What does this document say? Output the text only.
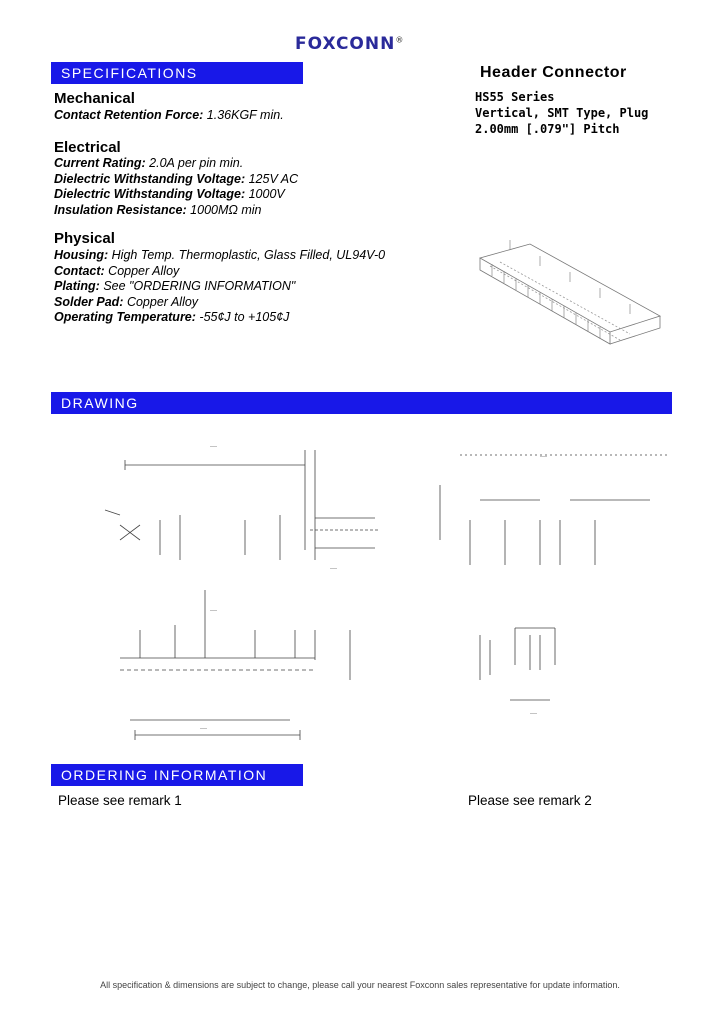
FOXCONN®
SPECIFICATIONS	Header Connector
HS55 Series
Vertical, SMT Type, Plug
2.00mm [.079"] Pitch
Mechanical
Contact Retention Force: 1.36KGF min.
Electrical
Current Rating: 2.0A per pin min.
Dielectric Withstanding Voltage: 125V AC
Dielectric Withstanding Voltage: 1000V
Insulation Resistance: 1000MΩ min
Physical
Housing: High Temp. Thermoplastic, Glass Filled, UL94V-0
Contact: Copper Alloy
Plating: See "ORDERING INFORMATION"
Solder Pad: Copper Alloy
Operating Temperature: -55¢J to +105¢J
DRAWING
—
—
—
—
—
—
ORDERING INFORMATION
Please see remark 1	Please see remark 2
All specification & dimensions are subject to change, please call your nearest Foxconn sales representative for update information.
